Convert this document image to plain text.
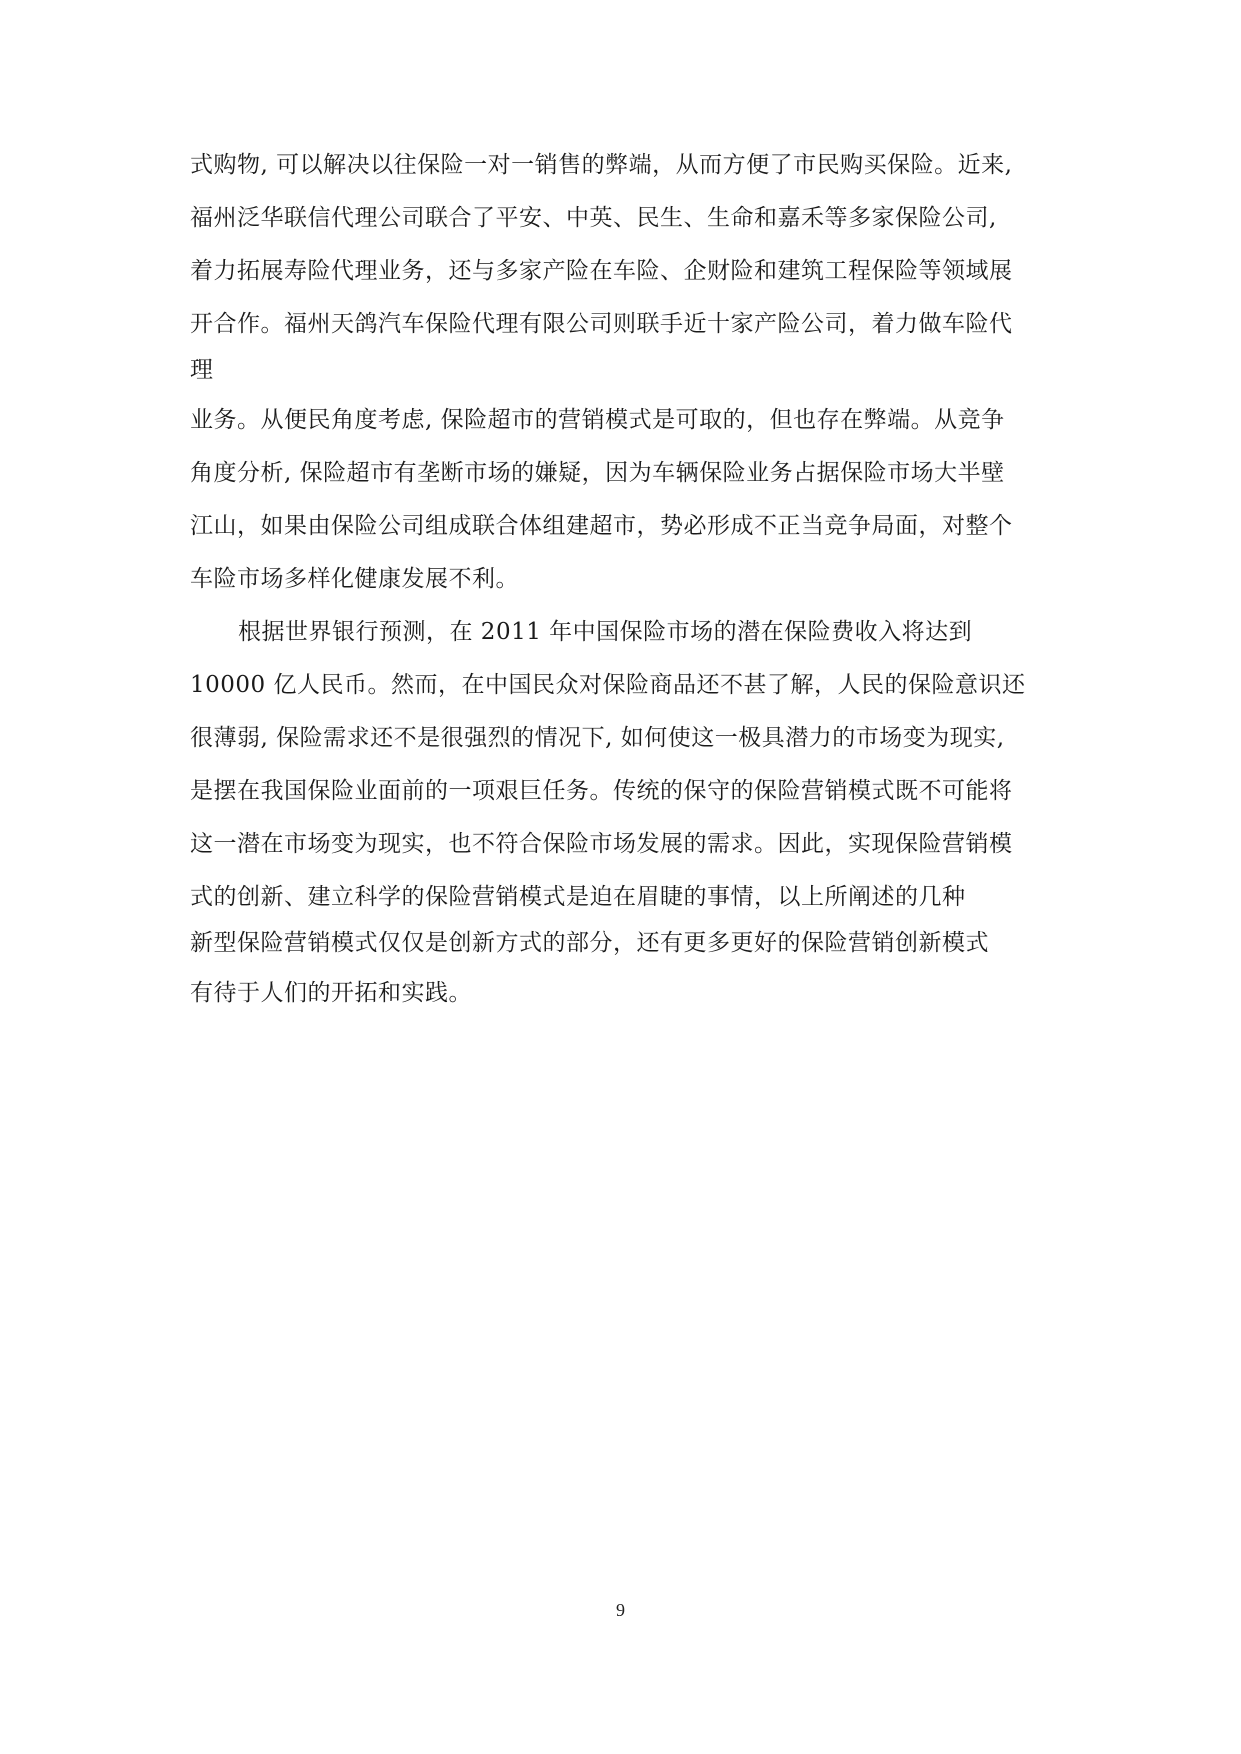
式购物, 可以解决以往保险一对一销售的弊端，从而方便了市民购买保险。近来,
福州泛华联信代理公司联合了平安、中英、民生、生命和嘉禾等多家保险公司,
着力拓展寿险代理业务，还与多家产险在车险、企财险和建筑工程保险等领域展
开合作。福州天鸽汽车保险代理有限公司则联手近十家产险公司，着力做车险代
理
业务。从便民角度考虑, 保险超市的营销模式是可取的，但也存在弊端。从竞争
角度分析, 保险超市有垄断市场的嫌疑，因为车辆保险业务占据保险市场大半壁
江山，如果由保险公司组成联合体组建超市，势必形成不正当竞争局面，对整个
车险市场多样化健康发展不利。
根据世界银行预测，在 2011 年中国保险市场的潜在保险费收入将达到
10000 亿人民币。然而，在中国民众对保险商品还不甚了解，人民的保险意识还
很薄弱, 保险需求还不是很强烈的情况下, 如何使这一极具潜力的市场变为现实,
是摆在我国保险业面前的一项艰巨任务。传统的保守的保险营销模式既不可能将
这一潜在市场变为现实，也不符合保险市场发展的需求。因此，实现保险营销模
式的创新、建立科学的保险营销模式是迫在眉睫的事情，以上所阐述的几种
新型保险营销模式仅仅是创新方式的部分，还有更多更好的保险营销创新模式
有待于人们的开拓和实践。
9
